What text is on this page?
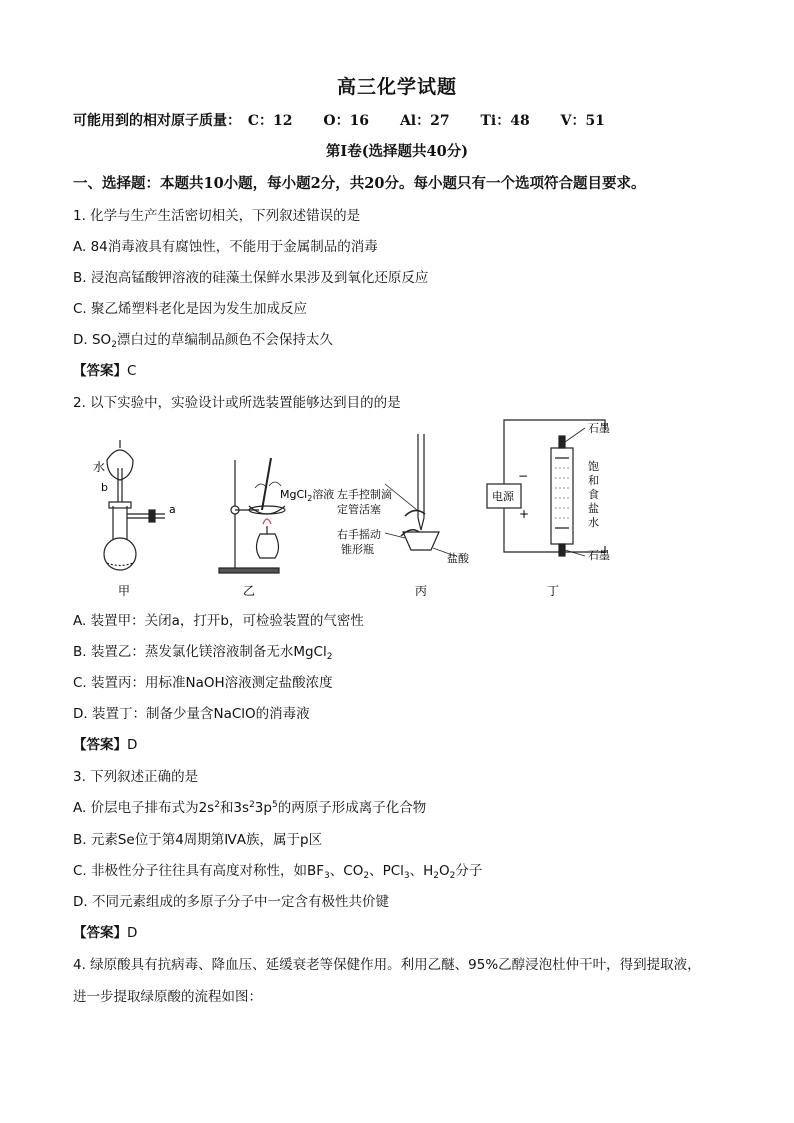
高三化学试题
可能用到的相对原子质量： C：12 O：16 Al：27 Ti：48 V：51
第Ⅰ卷(选择题共40分)
一、选择题：本题共10小题，每小题2分，共20分。每小题只有一个选项符合题目要求。
1. 化学与生产生活密切相关，下列叙述错误的是
A. 84消毒液具有腐蚀性，不能用于金属制品的消毒
B. 浸泡高锰酸钾溶液的硅藻土保鲜水果涉及到氧化还原反应
C. 聚乙烯塑料老化是因为发生加成反应
D. $SO_2$漂白过的草编制品颜色不会保持太久
【答案】C
2. 以下实验中，实验设计或所选装置能够达到目的的是
水
b
a
MgCl$_2$溶液 左手控制滴
定管活塞
右手摇动
锥形瓶
盐酸
石墨
石墨
电源
−
+
饱
和
食
盐
水
甲	乙	丙	丁
A. 装置甲：关闭a，打开b，可检验装置的气密性
B. 装置乙：蒸发氯化镁溶液制备无水MgCl$_2$
C. 装置丙：用标准NaOH溶液测定盐酸浓度
D. 装置丁：制备少量含NaClO的消毒液
【答案】D
3. 下列叙述正确的是
A. 价层电子排布式为$2s^2$和$3s^23p^5$的两原子形成离子化合物
B. 元素Se位于第4周期第ⅣA族，属于p区
C. 非极性分子往往具有高度对称性，如$BF_3$、$CO_2$、PCl$_3$、$H_2O_2$分子
D. 不同元素组成的多原子分子中一定含有极性共价键
【答案】D
4. 绿原酸具有抗病毒、降血压、延缓衰老等保健作用。利用乙醚、95%乙醇浸泡杜仲干叶，得到提取液，
进一步提取绿原酸的流程如图：
